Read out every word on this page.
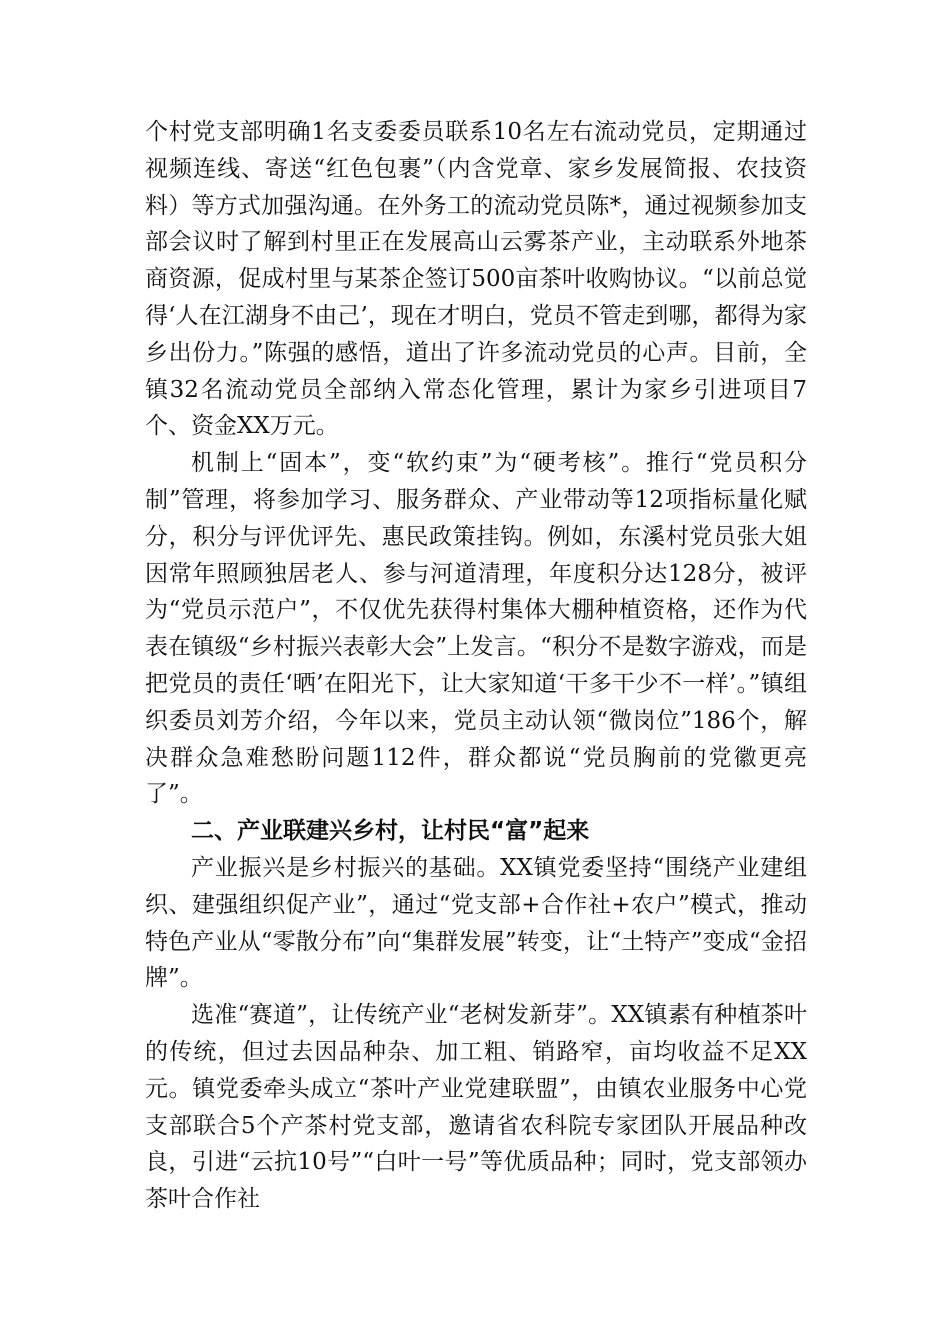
个村党支部明确1名支委委员联系10名左右流动党员，定期通过视频连线、寄送“红色包裹”（内含党章、家乡发展简报、农技资料）等方式加强沟通。在外务工的流动党员陈*，通过视频参加支部会议时了解到村里正在发展高山云雾茶产业，主动联系外地茶商资源，促成村里与某茶企签订500亩茶叶收购协议。“以前总觉得‘人在江湖身不由己’，现在才明白，党员不管走到哪，都得为家乡出份力。”陈强的感悟，道出了许多流动党员的心声。目前，全镇32名流动党员全部纳入常态化管理，累计为家乡引进项目7个、资金XX万元。

机制上“固本”，变“软约束”为“硬考核”。推行“党员积分制”管理，将参加学习、服务群众、产业带动等12项指标量化赋分，积分与评优评先、惠民政策挂钩。例如，东溪村党员张大姐因常年照顾独居老人、参与河道清理，年度积分达128分，被评为“党员示范户”，不仅优先获得村集体大棚种植资格，还作为代表在镇级“乡村振兴表彰大会”上发言。“积分不是数字游戏，而是把党员的责任‘晒’在阳光下，让大家知道‘干多干少不一样’。”镇组织委员刘芳介绍，今年以来，党员主动认领“微岗位”186个，解决群众急难愁盼问题112件，群众都说“党员胸前的党徽更亮了”。

二、产业联建兴乡村，让村民“富”起来

产业振兴是乡村振兴的基础。XX镇党委坚持“围绕产业建组织、建强组织促产业”，通过“党支部+合作社+农户”模式，推动特色产业从“零散分布”向“集群发展”转变，让“土特产”变成“金招牌”。

选准“赛道”，让传统产业“老树发新芽”。XX镇素有种植茶叶的传统，但过去因品种杂、加工粗、销路窄，亩均收益不足XX元。镇党委牵头成立“茶叶产业党建联盟”，由镇农业服务中心党支部联合5个产茶村党支部，邀请省农科院专家团队开展品种改良，引进“云抗10号”“白叶一号”等优质品种；同时，党支部领办茶叶合作社
